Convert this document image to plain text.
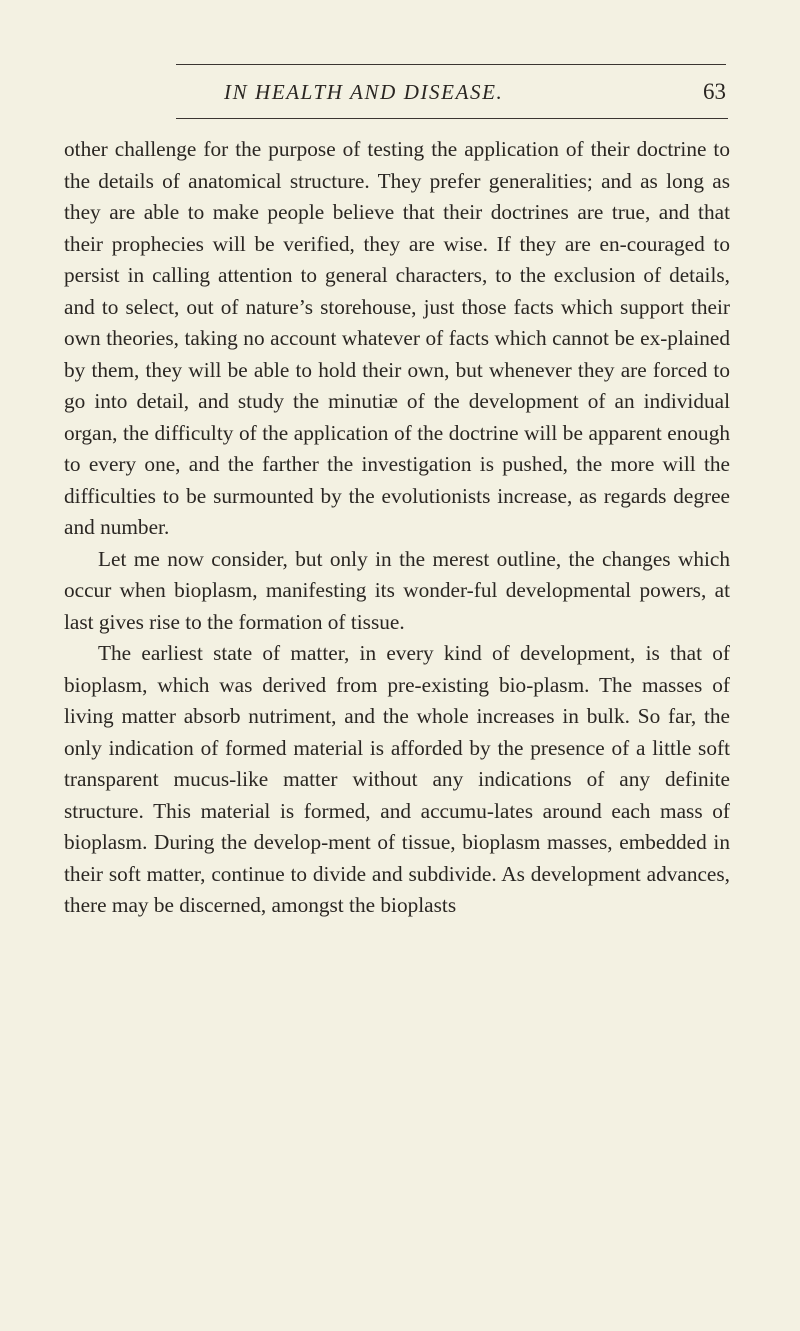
IN HEALTH AND DISEASE.	63

other challenge for the purpose of testing the application of their doctrine to the details of anatomical structure. They prefer generalities; and as long as they are able to make people believe that their doctrines are true, and that their prophecies will be verified, they are wise. If they are en-couraged to persist in calling attention to general characters, to the exclusion of details, and to select, out of nature’s storehouse, just those facts which support their own theories, taking no account whatever of facts which cannot be ex-plained by them, they will be able to hold their own, but whenever they are forced to go into detail, and study the minutiæ of the development of an individual organ, the difficulty of the application of the doctrine will be apparent enough to every one, and the farther the investigation is pushed, the more will the difficulties to be surmounted by the evolutionists increase, as regards degree and number.

Let me now consider, but only in the merest outline, the changes which occur when bioplasm, manifesting its wonder-ful developmental powers, at last gives rise to the formation of tissue.

The earliest state of matter, in every kind of development, is that of bioplasm, which was derived from pre-existing bio-plasm. The masses of living matter absorb nutriment, and the whole increases in bulk. So far, the only indication of formed material is afforded by the presence of a little soft transparent mucus-like matter without any indications of any definite structure. This material is formed, and accumu-lates around each mass of bioplasm. During the develop-ment of tissue, bioplasm masses, embedded in their soft matter, continue to divide and subdivide. As development advances, there may be discerned, amongst the bioplasts
